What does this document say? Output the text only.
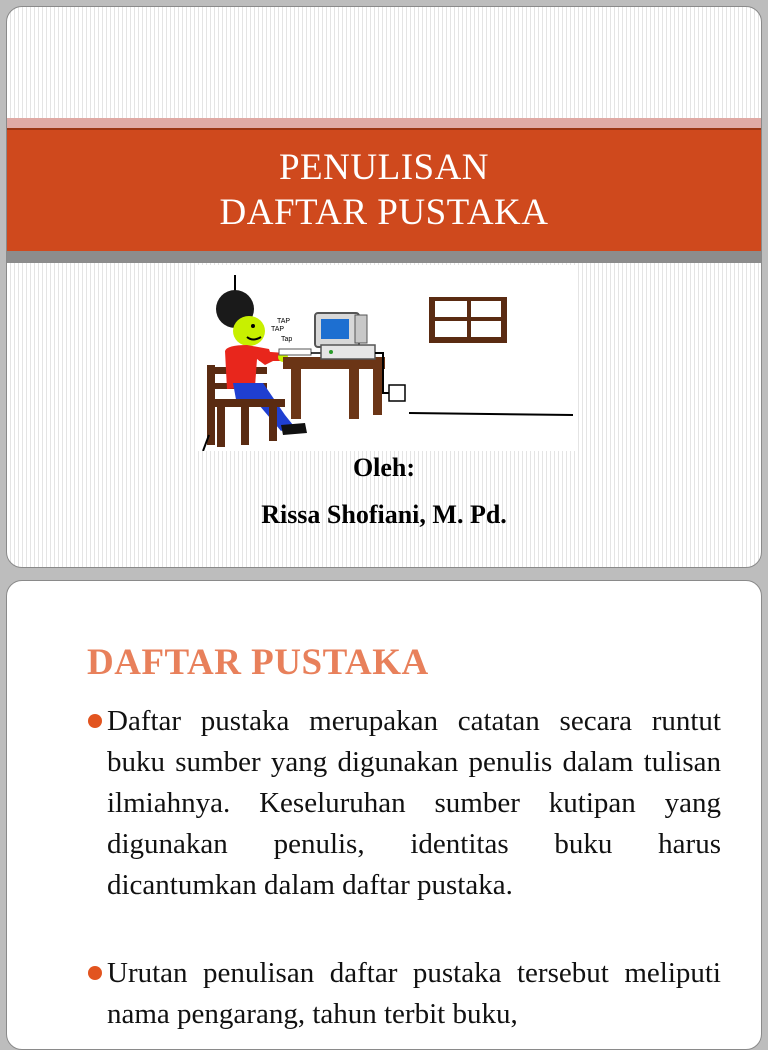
PENULISAN
DAFTAR PUSTAKA
TAP
TAP
Tap
Oleh:
Rissa Shofiani, M. Pd.
DAFTAR PUSTAKA
Daftar pustaka merupakan catatan secara runtut buku sumber yang digunakan penulis dalam tulisan ilmiahnya. Keseluruhan sumber kutipan yang digunakan penulis, identitas buku harus dicantumkan dalam daftar pustaka.
Urutan penulisan daftar pustaka tersebut meliputi nama pengarang, tahun terbit buku,
